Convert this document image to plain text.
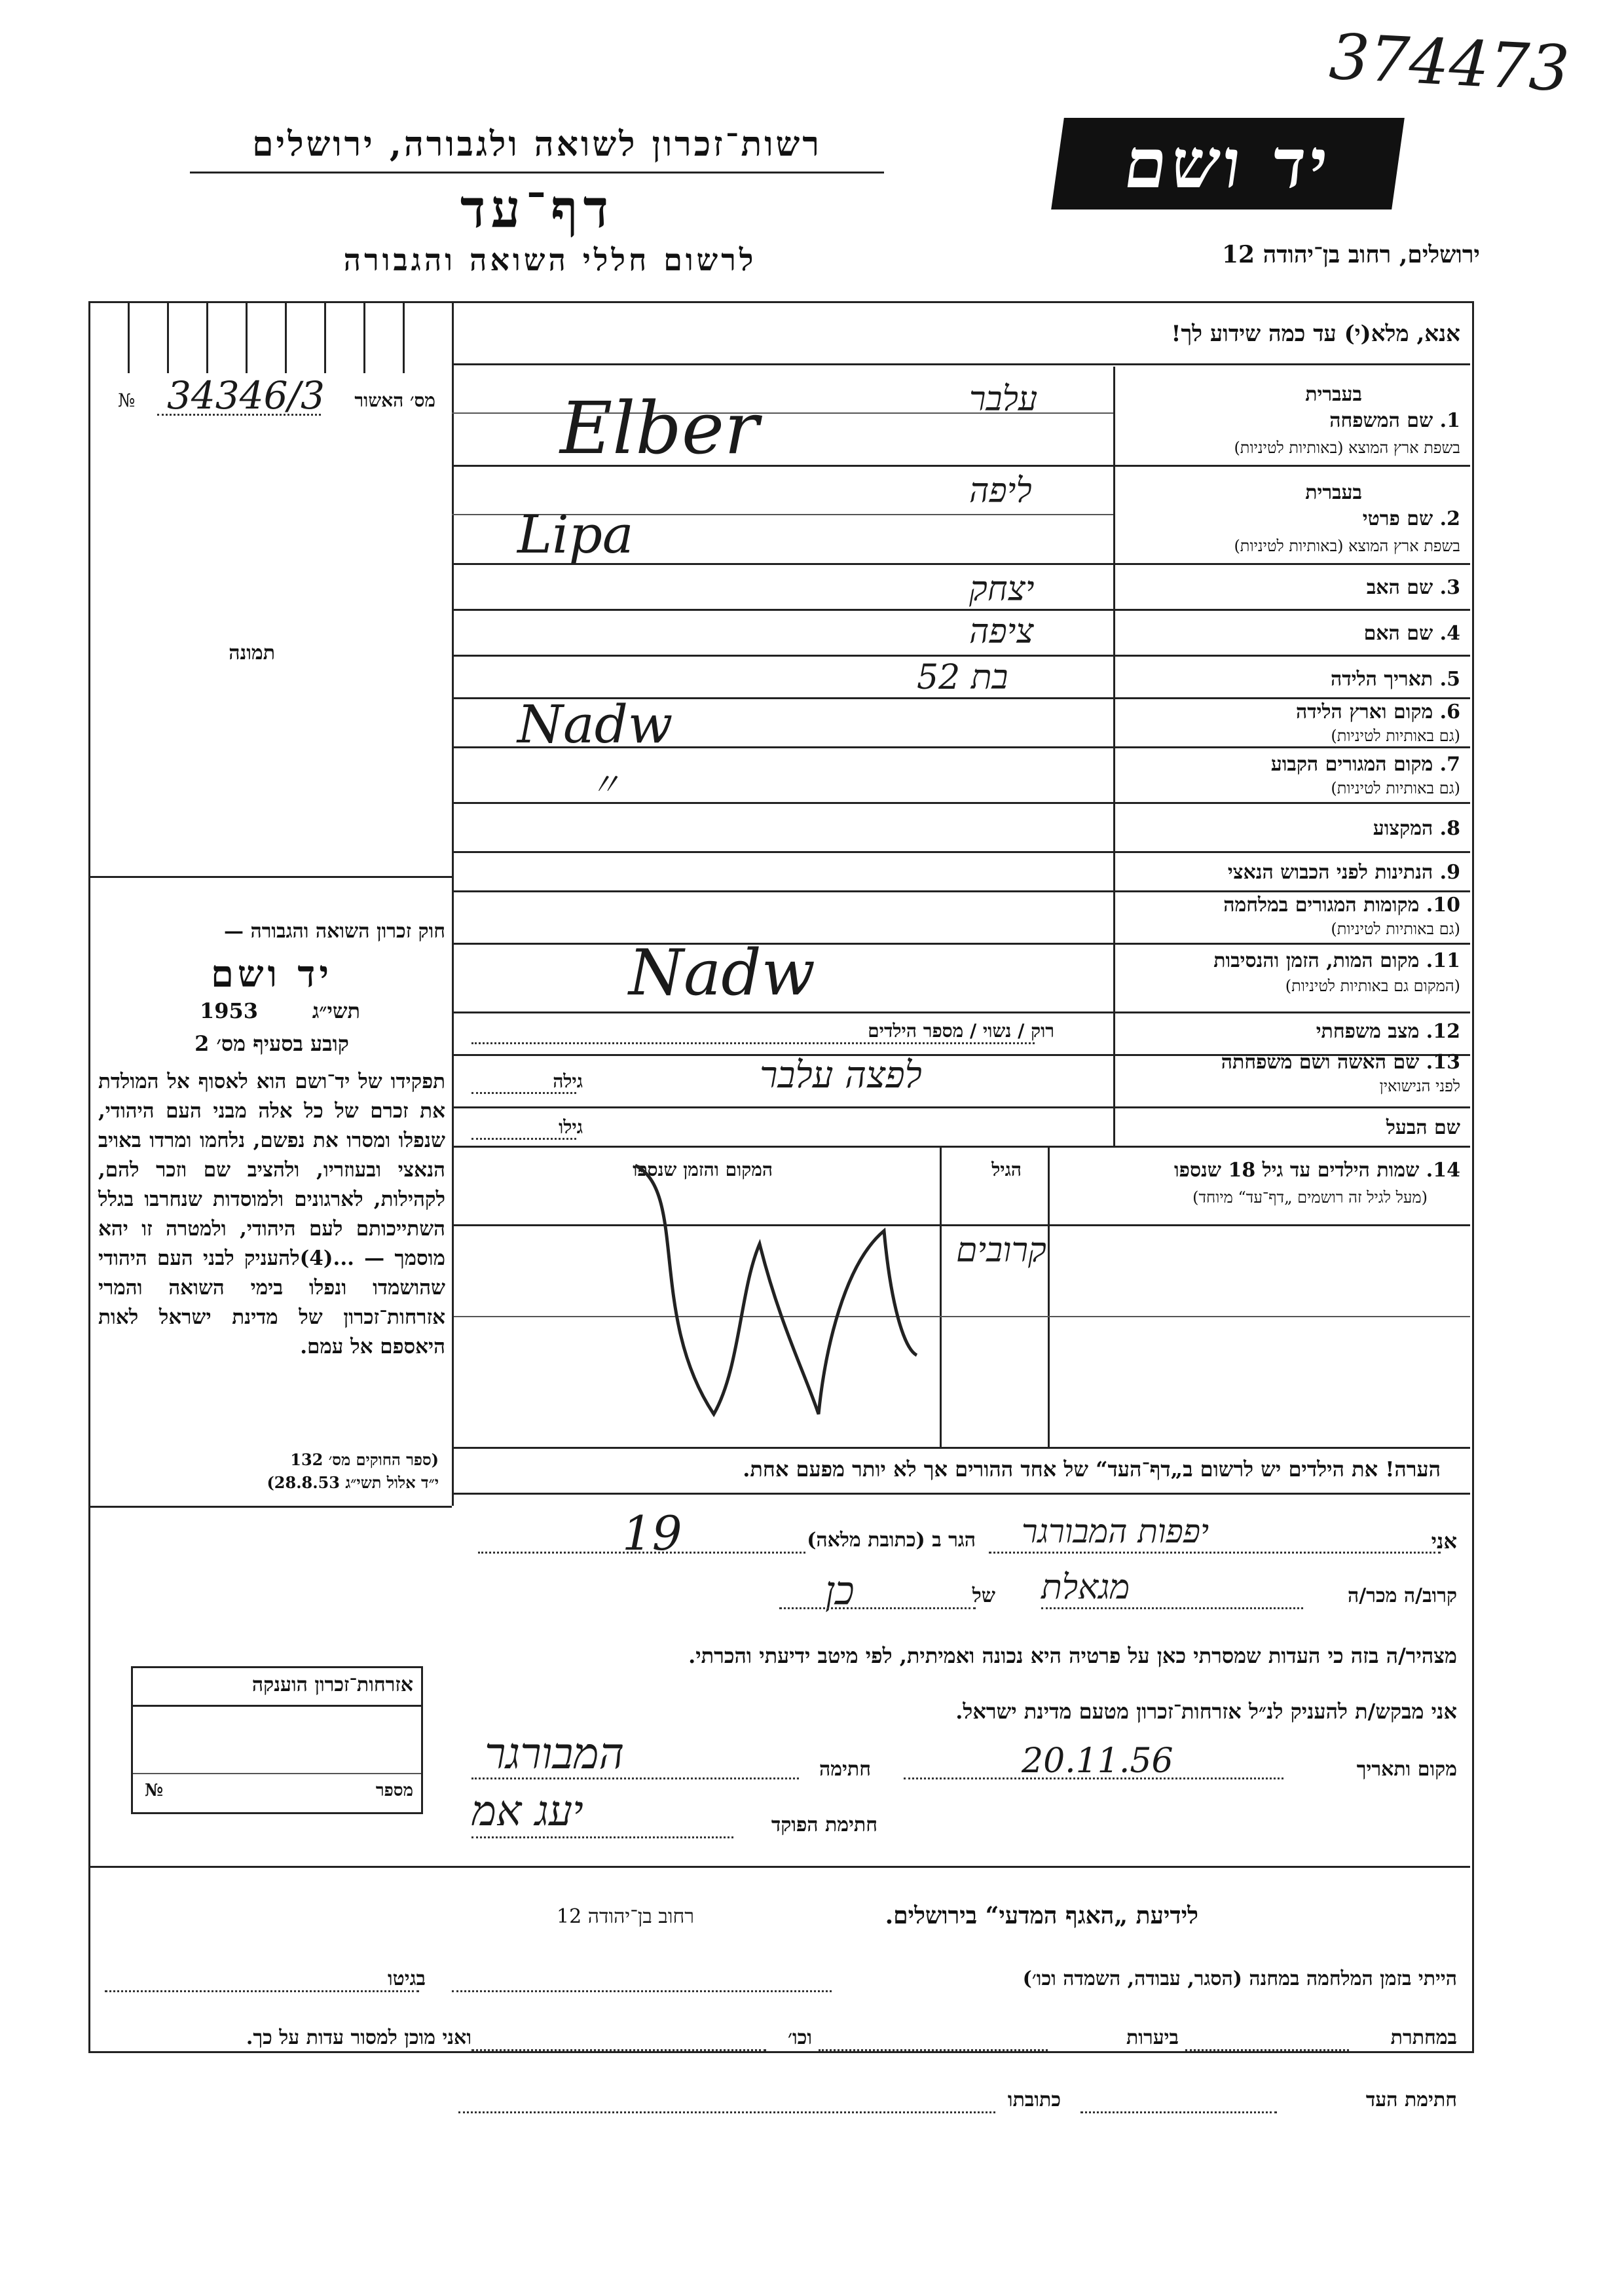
374473
רשות־זכרון לשואה ולגבורה, ירושלים
דף־עד
לרשום חללי השואה והגבורה
יד ושם
ירושלים, רחוב בן־יהודה 12
אנא, מלא(י) עד כמה שידוע לך!
№ 34346/3 מס׳ האשור
תמונה
בעברית
1. שם המשפחה
בשפת ארץ המוצא (באותיות לטיניות)
עלבר
Elber
בעברית
2. שם פרטי
בשפת ארץ המוצא (באותיות לטיניות)
ליפה
Lipa
3. שם האב
יצחק
4. שם האם
ציפה
5. תאריך הלידה
בת 52
6. מקום וארץ הלידה
(גם באותיות לטיניות)
Nadw
7. מקום המגורים הקבוע
(גם באותיות לטיניות)
〃
8. המקצוע
9. הנתינות לפני הכבוש הנאצי
10. מקומות המגורים במלחמה
(גם באותיות לטיניות)
11. מקום המות, הזמן והנסיבות
(המקום גם באותיות לטיניות)
Nadw
12. מצב משפחתי
רוק / נשוי / מספר הילדים
13. שם האשה ושם משפחתה
לפני הנישואין
לפצה עלבר
גילה
שם הבעל
גילו
14. שמות הילדים עד גיל 18 שנספו
(מעל לגיל זה רושמים „דף־עד“ מיוחד)
הגיל
המקום והזמן שנספו
קרובים
חוק זכרון השואה והגבורה —
יד ושם
תשי״ג
1953
קובע בסעיף מס׳ 2
תפקידו של יד־ושם הוא לאסוף אל המולדת את זכרם של כל אלה מבני העם היהודי, שנפלו ומסרו את נפשם, נלחמו ומרדו באויב הנאצי ובעוזריו, ולהציב שם וזכר להם, לקהילות, לארגונים ולמוסדות שנחרבו בגלל השתייכותם לעם היהודי, ולמטרה זו יהא מוסמך — ...(4)להעניק לבני העם היהודי שהושמדו ונפלו בימי השואה והמרי אזרחות־זכרון של מדינת ישראל לאות היאספם אל עמם.
(ספר החוקים מס׳ 132
י״ד אלול תשי״ג 28.8.53)
הערה! את הילדים יש לרשום ב„דף־העד“ של אחד ההורים אך לא יותר מפעם אחת.
אני
יפפות המבורגר
הגר ב (כתובת מלאה)
19
קרוב/ה מכר/ה
מגאלת
של
כן
מצהיר/ה בזה כי העדות שמסרתי כאן על פרטיה היא נכונה ואמיתית, לפי מיטב ידיעתי והכרתי.
אני מבקש/ת להעניק לנ״ל אזרחות־זכרון מטעם מדינת ישראל.
מקום ותאריך
20.11.56
חתימה
המבורגר
חתימת הפוקד
יעג אמ
אזרחות־זכרון הוענקה
מספר
№
לידיעת „האגף המדעי“ בירושלים.
רחוב בן־יהודה 12
הייתי בזמן המלחמה במחנה (הסגר, עבודה, השמדה וכו׳)
בגיטו
במחתרת
ביערות
וכו׳
ואני מוכן למסור עדות על כך.
חתימת העד
כתובתו
